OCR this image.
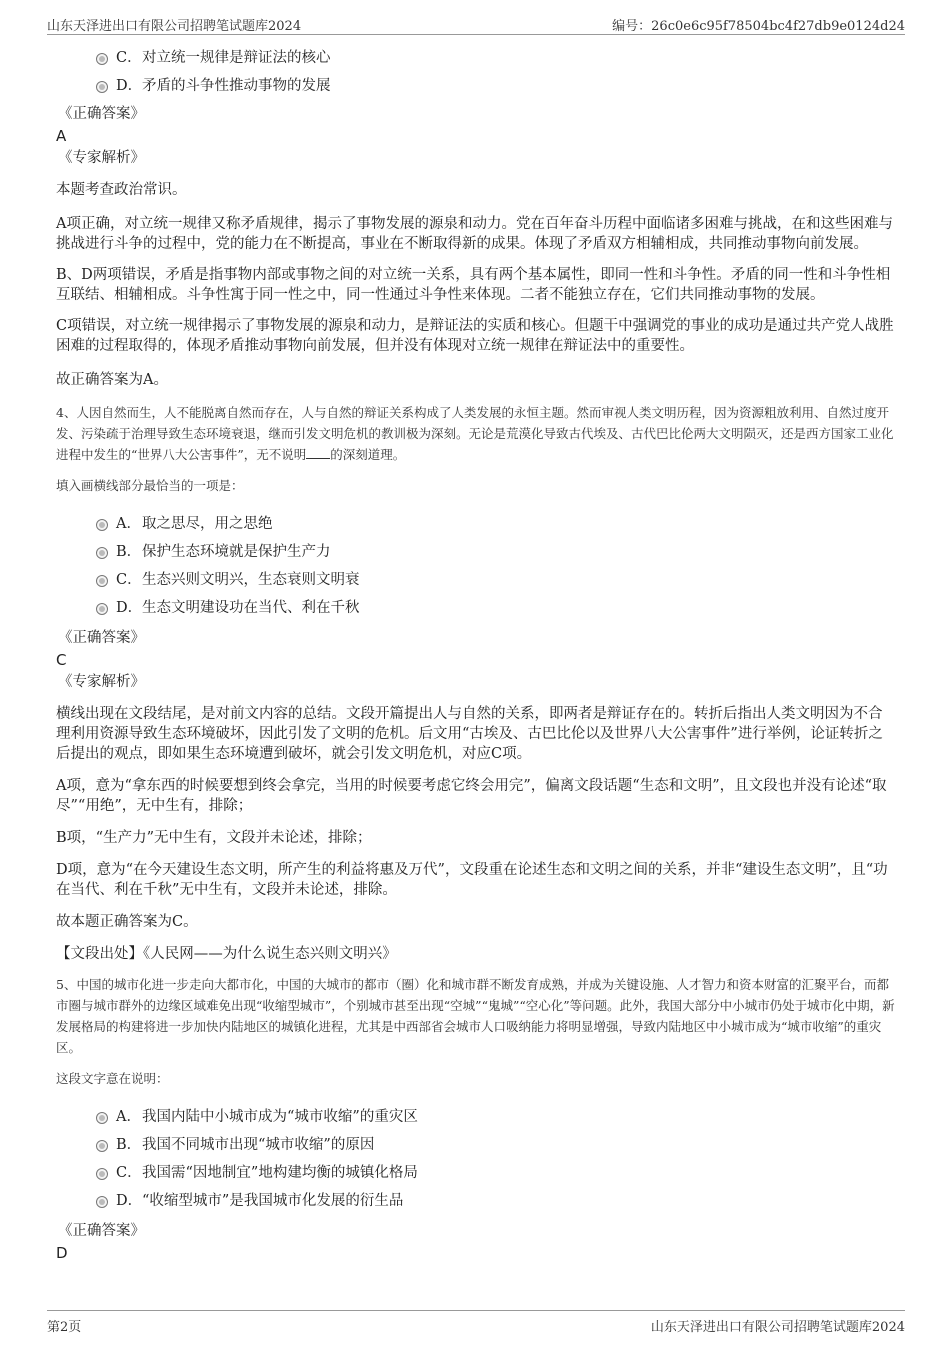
山东天泽进出口有限公司招聘笔试题库2024	编号：26c0e6c95f78504bc4f27db9e0124d24
C． 对立统一规律是辩证法的核心
D． 矛盾的斗争性推动事物的发展
《正确答案》
A
《专家解析》

本题考查政治常识。

A项正确，对立统一规律又称矛盾规律，揭示了事物发展的源泉和动力。党在百年奋斗历程中面临诸多困难与挑战，在和这些困难与挑战进行斗争的过程中，党的能力在不断提高，事业在不断取得新的成果。体现了矛盾双方相辅相成，共同推动事物向前发展。

B、D两项错误，矛盾是指事物内部或事物之间的对立统一关系，具有两个基本属性，即同一性和斗争性。矛盾的同一性和斗争性相互联结、相辅相成。斗争性寓于同一性之中，同一性通过斗争性来体现。二者不能独立存在，它们共同推动事物的发展。

C项错误，对立统一规律揭示了事物发展的源泉和动力，是辩证法的实质和核心。但题干中强调党的事业的成功是通过共产党人战胜困难的过程取得的，体现矛盾推动事物向前发展，但并没有体现对立统一规律在辩证法中的重要性。

故正确答案为A。

4、人因自然而生，人不能脱离自然而存在，人与自然的辩证关系构成了人类发展的永恒主题。然而审视人类文明历程，因为资源粗放利用、自然过度开发、污染疏于治理导致生态环境衰退，继而引发文明危机的教训极为深刻。无论是荒漠化导致古代埃及、古代巴比伦两大文明陨灭，还是西方国家工业化进程中发生的“世界八大公害事件”，无不说明 的深刻道理。

填入画横线部分最恰当的一项是：

A． 取之思尽，用之思绝
B． 保护生态环境就是保护生产力
C． 生态兴则文明兴，生态衰则文明衰
D． 生态文明建设功在当代、利在千秋
《正确答案》
C
《专家解析》

横线出现在文段结尾，是对前文内容的总结。文段开篇提出人与自然的关系，即两者是辩证存在的。转折后指出人类文明因为不合理利用资源导致生态环境破坏，因此引发了文明的危机。后文用“古埃及、古巴比伦以及世界八大公害事件”进行举例，论证转折之后提出的观点，即如果生态环境遭到破坏，就会引发文明危机，对应C项。

A项，意为“拿东西的时候要想到终会拿完，当用的时候要考虑它终会用完”，偏离文段话题“生态和文明”，且文段也并没有论述“取尽”“用绝”，无中生有，排除；

B项，“生产力”无中生有，文段并未论述，排除；

D项，意为“在今天建设生态文明，所产生的利益将惠及万代”，文段重在论述生态和文明之间的关系，并非“建设生态文明”，且“功在当代、利在千秋”无中生有，文段并未论述，排除。

故本题正确答案为C。

【文段出处】《人民网——为什么说生态兴则文明兴》

5、中国的城市化进一步走向大都市化，中国的大城市的都市（圈）化和城市群不断发育成熟，并成为关键设施、人才智力和资本财富的汇聚平台，而都市圈与城市群外的边缘区域难免出现“收缩型城市”，个别城市甚至出现“空城”“鬼城”“空心化”等问题。此外，我国大部分中小城市仍处于城市化中期，新发展格局的构建将进一步加快内陆地区的城镇化进程，尤其是中西部省会城市人口吸纳能力将明显增强，导致内陆地区中小城市成为“城市收缩”的重灾区。

这段文字意在说明：

A． 我国内陆中小城市成为“城市收缩”的重灾区
B． 我国不同城市出现“城市收缩”的原因
C． 我国需“因地制宜”地构建均衡的城镇化格局
D． “收缩型城市”是我国城市化发展的衍生品
《正确答案》
D
第2页	山东天泽进出口有限公司招聘笔试题库2024
